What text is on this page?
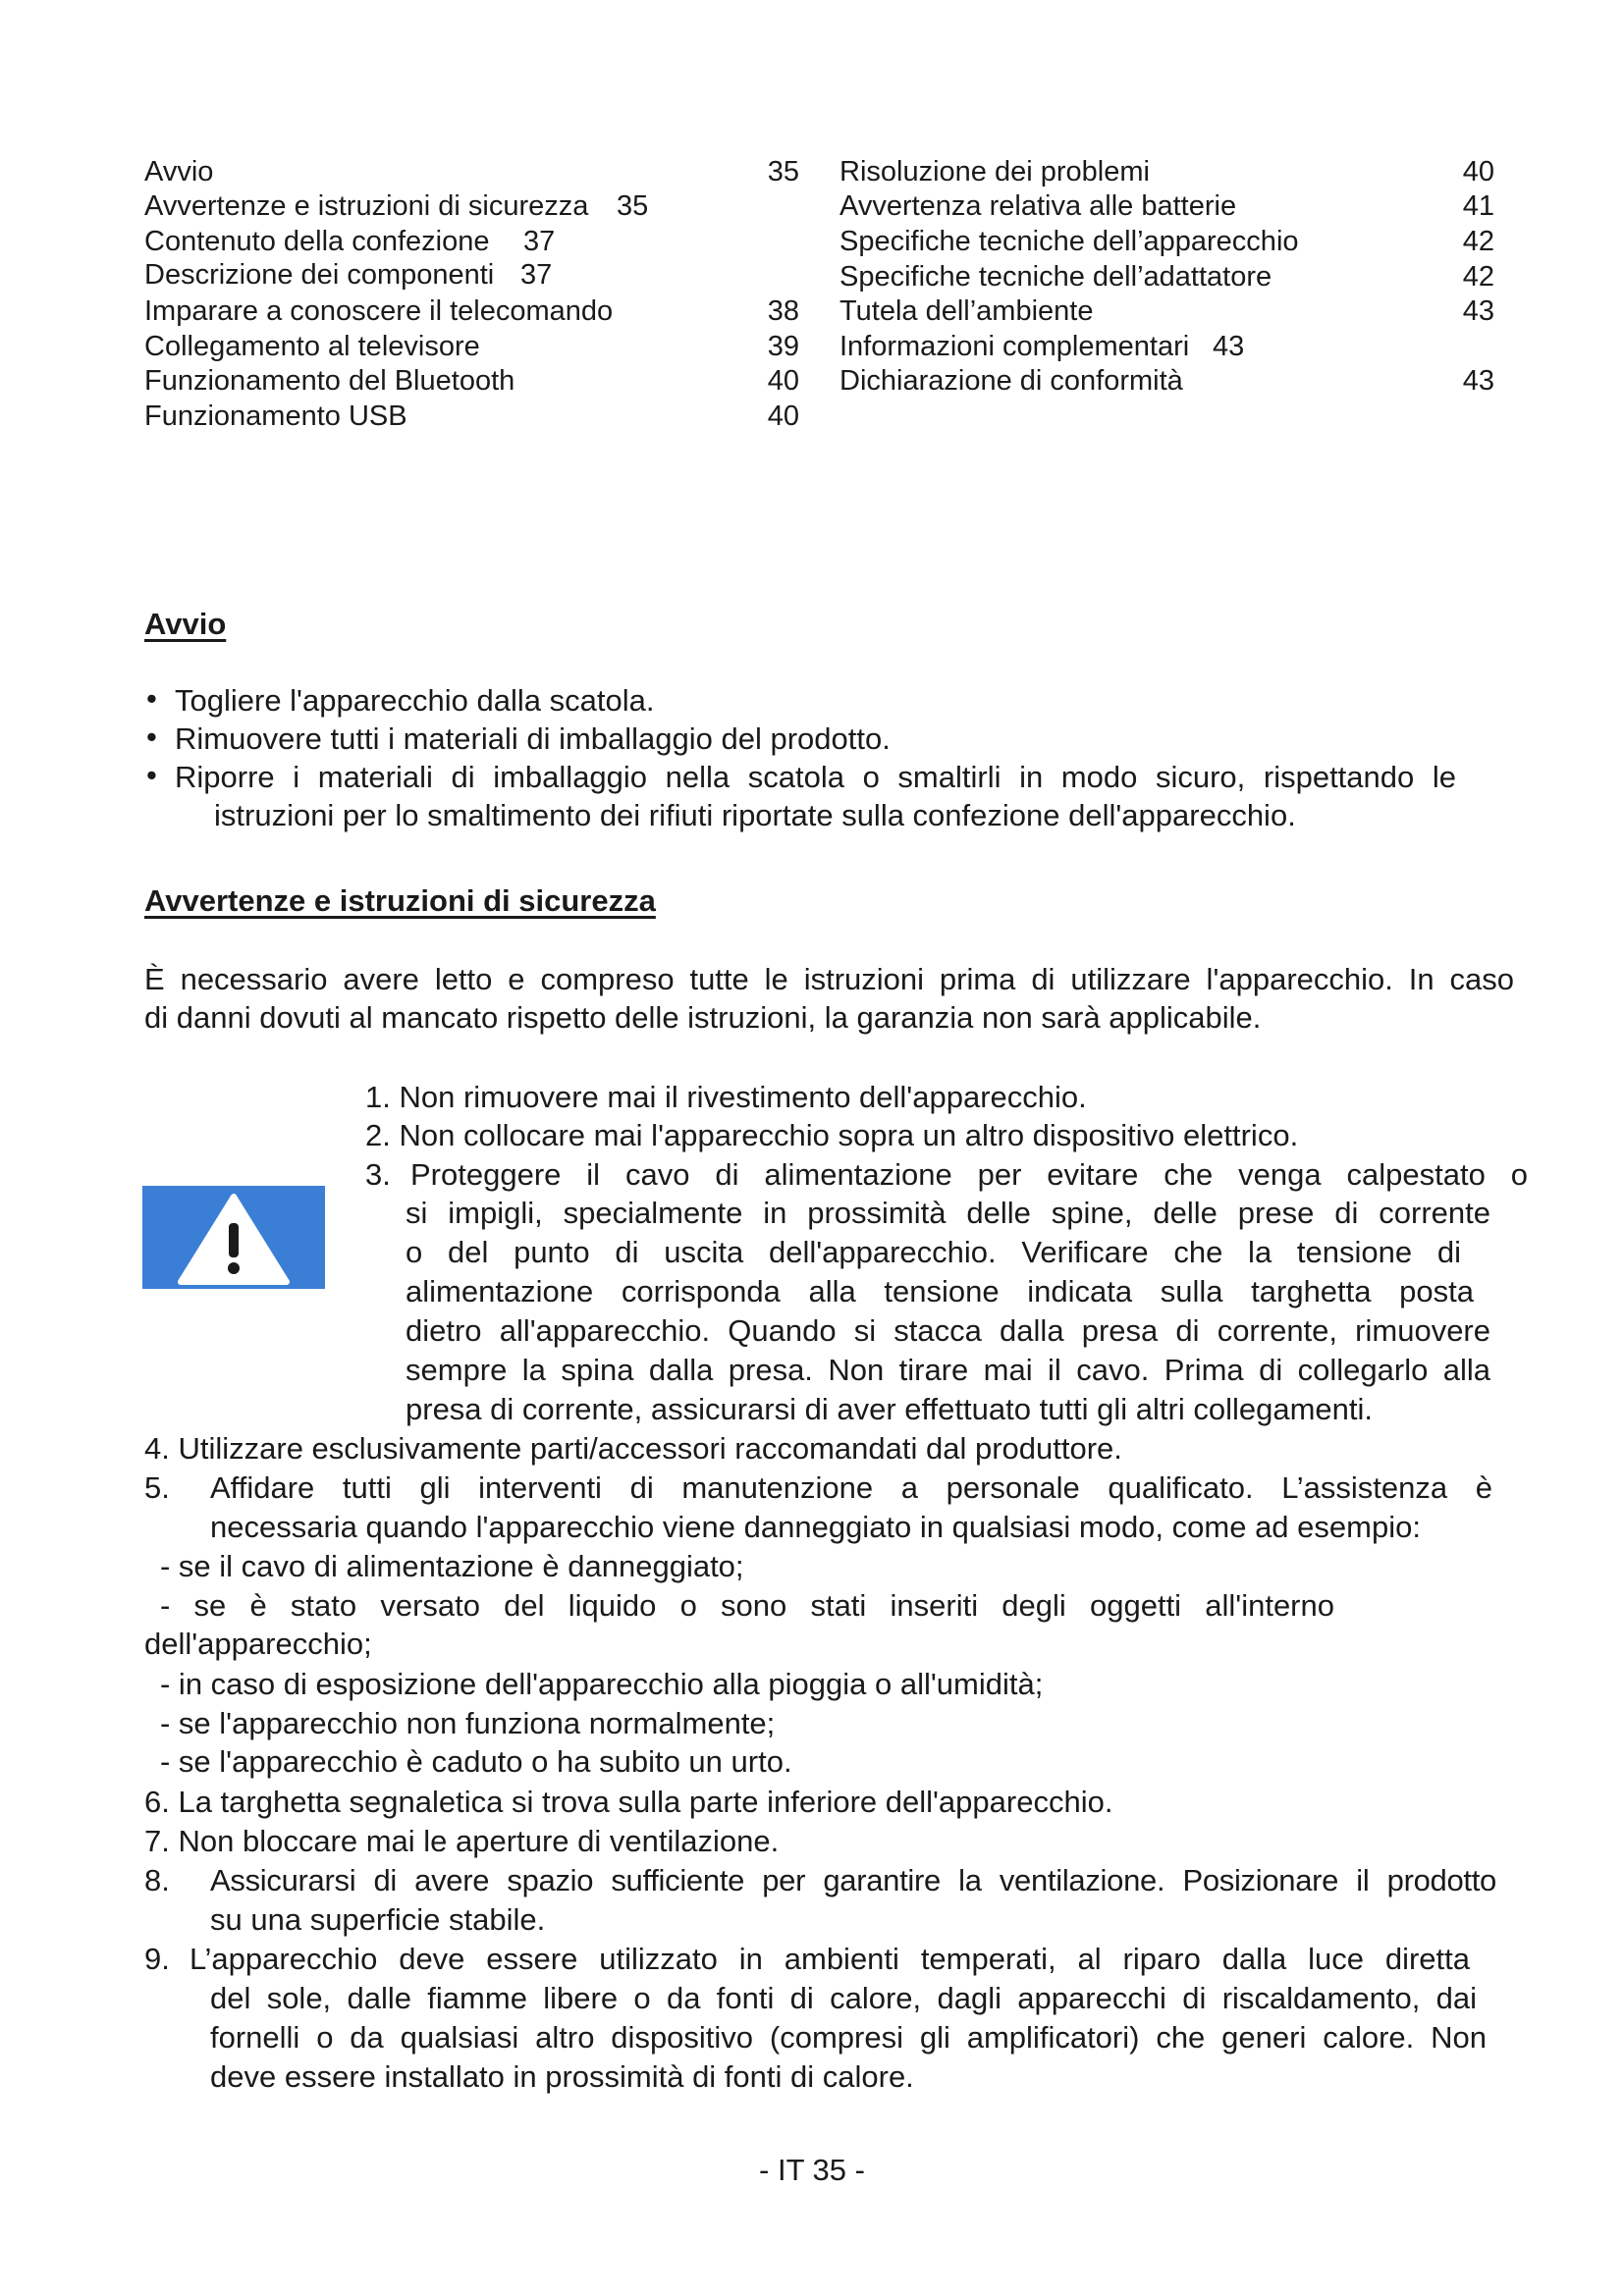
Avvio	35
Avvertenze e istruzioni di sicurezza 35
Contenuto della confezione 37
Descrizione dei componenti 37
Imparare a conoscere il telecomando	38
Collegamento al televisore	39
Funzionamento del Bluetooth	40
Funzionamento USB	40
Risoluzione dei problemi	40
Avvertenza relativa alle batterie	41
Specifiche tecniche dell’apparecchio	42
Specifiche tecniche dell’adattatore	42
Tutela dell’ambiente	43
Informazioni complementari 43
Dichiarazione di conformità	43
Avvio
• Togliere l'apparecchio dalla scatola.
• Rimuovere tutti i materiali di imballaggio del prodotto.
• Riporre i materiali di imballaggio nella scatola o smaltirli in modo sicuro, rispettando le
istruzioni per lo smaltimento dei rifiuti riportate sulla confezione dell'apparecchio.
Avvertenze e istruzioni di sicurezza
È necessario avere letto e compreso tutte le istruzioni prima di utilizzare l'apparecchio. In caso
di danni dovuti al mancato rispetto delle istruzioni, la garanzia non sarà applicabile.
1. Non rimuovere mai il rivestimento dell'apparecchio.
2. Non collocare mai l'apparecchio sopra un altro dispositivo elettrico.
3. Proteggere il cavo di alimentazione per evitare che venga calpestato o
si impigli, specialmente in prossimità delle spine, delle prese di corrente
o del punto di uscita dell'apparecchio. Verificare che la tensione di
alimentazione corrisponda alla tensione indicata sulla targhetta posta
dietro all'apparecchio. Quando si stacca dalla presa di corrente, rimuovere
sempre la spina dalla presa. Non tirare mai il cavo. Prima di collegarlo alla
presa di corrente, assicurarsi di aver effettuato tutti gli altri collegamenti.
4. Utilizzare esclusivamente parti/accessori raccomandati dal produttore.
5. Affidare tutti gli interventi di manutenzione a personale qualificato. L’assistenza è
necessaria quando l'apparecchio viene danneggiato in qualsiasi modo, come ad esempio:
- se il cavo di alimentazione è danneggiato;
- se è stato versato del liquido o sono stati inseriti degli oggetti all'interno
dell'apparecchio;
- in caso di esposizione dell'apparecchio alla pioggia o all'umidità;
- se l'apparecchio non funziona normalmente;
- se l'apparecchio è caduto o ha subito un urto.
6. La targhetta segnaletica si trova sulla parte inferiore dell'apparecchio.
7. Non bloccare mai le aperture di ventilazione.
8. Assicurarsi di avere spazio sufficiente per garantire la ventilazione. Posizionare il prodotto
su una superficie stabile.
9. L’apparecchio deve essere utilizzato in ambienti temperati, al riparo dalla luce diretta
del sole, dalle fiamme libere o da fonti di calore, dagli apparecchi di riscaldamento, dai
fornelli o da qualsiasi altro dispositivo (compresi gli amplificatori) che generi calore. Non
deve essere installato in prossimità di fonti di calore.
- IT 35 -
